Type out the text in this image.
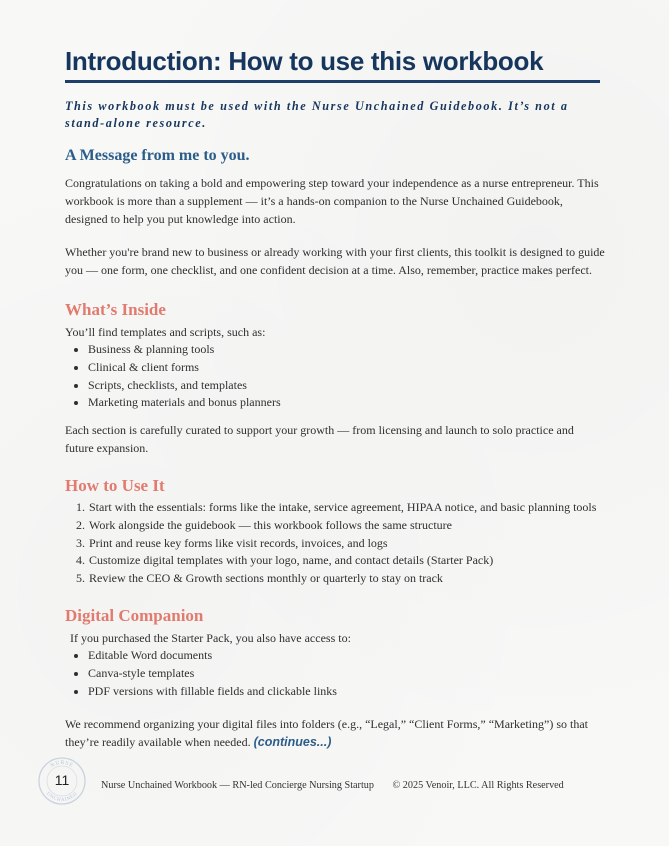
Introduction: How to use this workbook
This workbook must be used with the Nurse Unchained Guidebook. It’s not a stand-alone resource.
A Message from me to you.

Congratulations on taking a bold and empowering step toward your independence as a nurse entrepreneur. This workbook is more than a supplement — it’s a hands-on companion to the Nurse Unchained Guidebook, designed to help you put knowledge into action.

Whether you're brand new to business or already working with your first clients, this toolkit is designed to guide you — one form, one checklist, and one confident decision at a time. Also, remember, practice makes perfect.

What’s Inside

You’ll find templates and scripts, such as:

• Business & planning tools
• Clinical & client forms
• Scripts, checklists, and templates
• Marketing materials and bonus planners

Each section is carefully curated to support your growth — from licensing and launch to solo practice and future expansion.

How to Use It
1. Start with the essentials: forms like the intake, service agreement, HIPAA notice, and basic planning tools
2. Work alongside the guidebook — this workbook follows the same structure
3. Print and reuse key forms like visit records, invoices, and logs
4. Customize digital templates with your logo, name, and contact details (Starter Pack)
5. Review the CEO & Growth sections monthly or quarterly to stay on track
Digital Companion

If you purchased the Starter Pack, you also have access to:

• Editable Word documents
• Canva-style templates
• PDF versions with fillable fields and clickable links

We recommend organizing your digital files into folders (e.g., “Legal,” “Client Forms,” “Marketing”) so that they’re readily available when needed. (continues...)

NURSE
UNCHAINED
11	Nurse Unchained Workbook — RN-led Concierge Nursing Startup © 2025 Venoir, LLC. All Rights Reserved
